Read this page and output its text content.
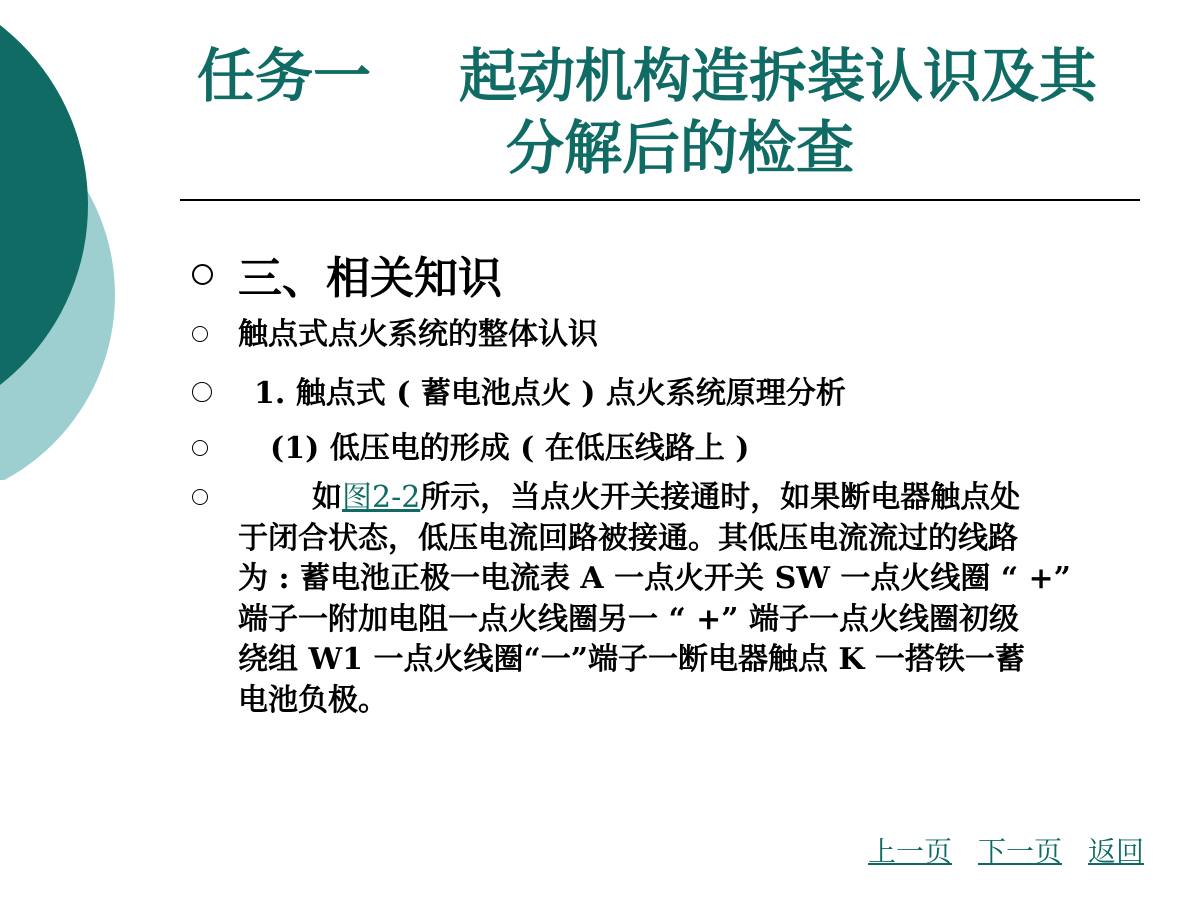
任务一 起动机构造拆装认识及其
分解后的检查
三、相关知识
触点式点火系统的整体认识
1. 触点式 ( 蓄电池点火 ) 点火系统原理分析
(1) 低压电的形成 ( 在低压线路上 )
如图2-2所示，当点火开关接通时，如果断电器触点处
于闭合状态，低压电流回路被接通。其低压电流流过的线路
为 : 蓄电池正极一电流表 A 一点火开关 SW 一点火线圈 “ +”
端子一附加电阻一点火线圈另一 “ +” 端子一点火线圈初级
绕组 W1 一点火线圈“一”端子一断电器触点 K 一搭铁一蓄
电池负极。
上一页 下一页 返回
